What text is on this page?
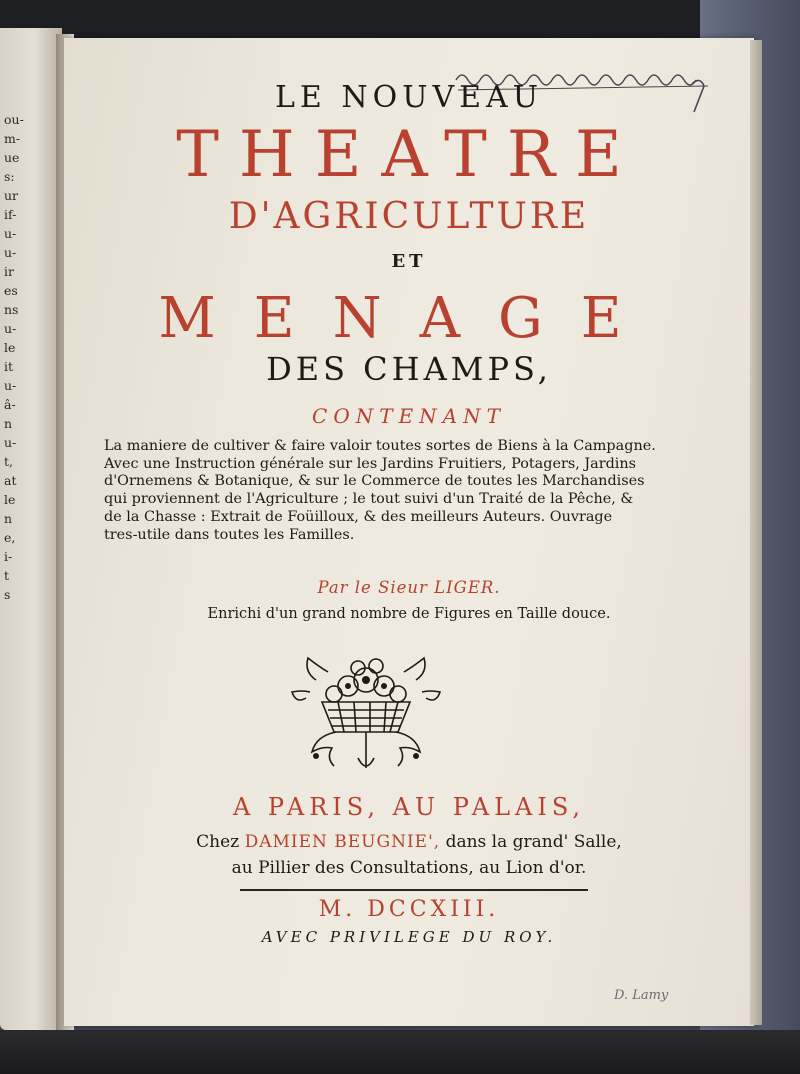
ou-
m-
ue
s:
ur
if-
u-
u-
ir
es
ns
u-
le
it
u-
â-
n
u-
t,
at
le
n
e,
i-
t
s
LE NOUVEAU
THEATRE
D'AGRICULTURE
ET
MENAGE
DES CHAMPS,
CONTENANT
La maniere de cultiver & faire valoir toutes sortes de Biens à la Campagne.
Avec une Instruction générale sur les Jardins Fruitiers, Potagers, Jardins
d'Ornemens & Botanique, & sur le Commerce de toutes les Marchandises
qui proviennent de l'Agriculture ; le tout suivi d'un Traité de la Pêche, &
de la Chasse : Extrait de Foüilloux, & des meilleurs Auteurs. Ouvrage
tres-utile dans toutes les Familles.
Par le Sieur LIGER.
Enrichi d'un grand nombre de Figures en Taille douce.
A PARIS, AU PALAIS,
Chez DAMIEN BEUGNIE', dans la grand' Salle,
au Pillier des Consultations, au Lion d'or.
M. DCCXIII.
AVEC PRIVILEGE DU ROY.
D. Lamy
